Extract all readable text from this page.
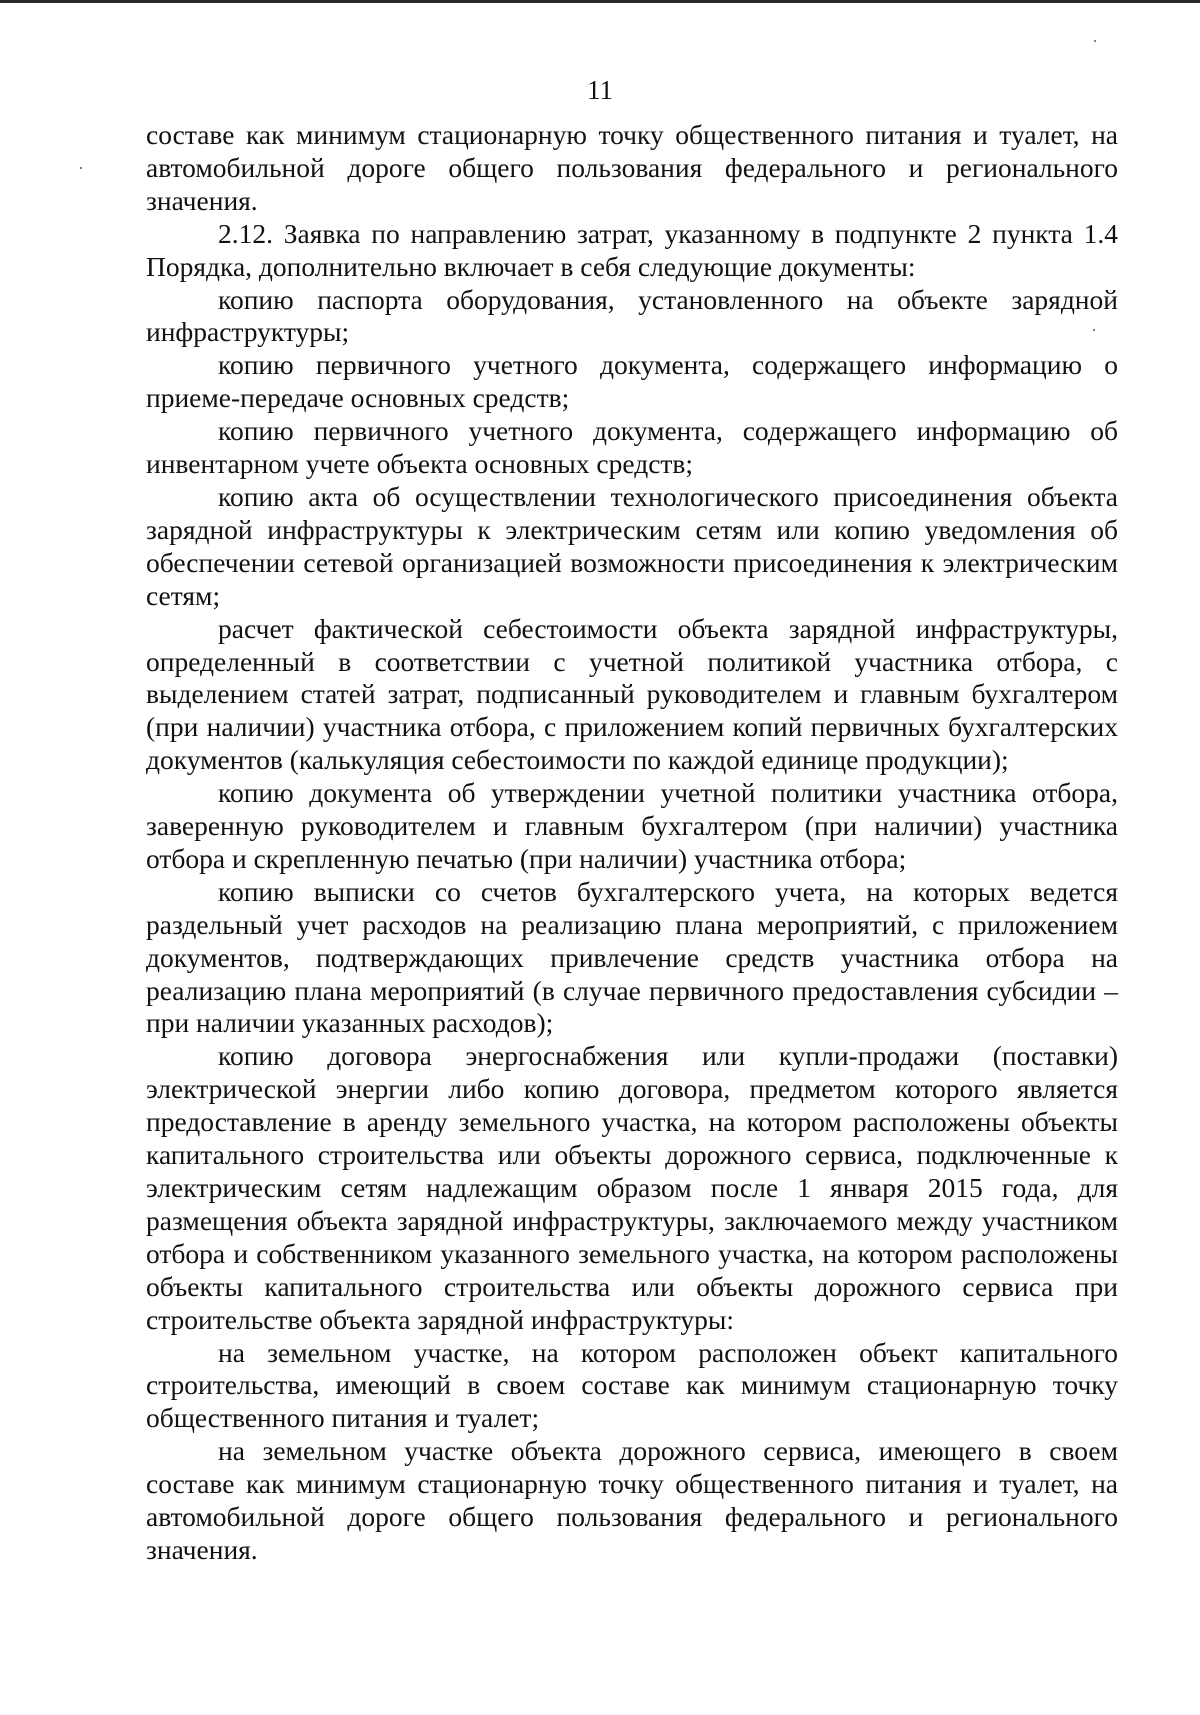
11

составе как минимум стационарную точку общественного питания и туалет, на автомобильной дороге общего пользования федерального и регионального значения.

2.12. Заявка по направлению затрат, указанному в подпункте 2 пункта 1.4 Порядка, дополнительно включает в себя следующие документы:

копию паспорта оборудования, установленного на объекте зарядной инфраструктуры;

копию первичного учетного документа, содержащего информацию о приеме-передаче основных средств;

копию первичного учетного документа, содержащего информацию об инвентарном учете объекта основных средств;

копию акта об осуществлении технологического присоединения объекта зарядной инфраструктуры к электрическим сетям или копию уведомления об обеспечении сетевой организацией возможности присоединения к электрическим сетям;

расчет фактической себестоимости объекта зарядной инфраструктуры, определенный в соответствии с учетной политикой участника отбора, с выделением статей затрат, подписанный руководителем и главным бухгалтером (при наличии) участника отбора, с приложением копий первичных бухгалтерских документов (калькуляция себестоимости по каждой единице продукции);

копию документа об утверждении учетной политики участника отбора, заверенную руководителем и главным бухгалтером (при наличии) участника отбора и скрепленную печатью (при наличии) участника отбора;

копию выписки со счетов бухгалтерского учета, на которых ведется раздельный учет расходов на реализацию плана мероприятий, с приложением документов, подтверждающих привлечение средств участника отбора на реализацию плана мероприятий (в случае первичного предоставления субсидии – при наличии указанных расходов);

копию договора энергоснабжения или купли-продажи (поставки) электрической энергии либо копию договора, предметом которого является предоставление в аренду земельного участка, на котором расположены объекты капитального строительства или объекты дорожного сервиса, подключенные к электрическим сетям надлежащим образом после 1 января 2015 года, для размещения объекта зарядной инфраструктуры, заключаемого между участником отбора и собственником указанного земельного участка, на котором расположены объекты капитального строительства или объекты дорожного сервиса при строительстве объекта зарядной инфраструктуры:

на земельном участке, на котором расположен объект капитального строительства, имеющий в своем составе как минимум стационарную точку общественного питания и туалет;

на земельном участке объекта дорожного сервиса, имеющего в своем составе как минимум стационарную точку общественного питания и туалет, на автомобильной дороге общего пользования федерального и регионального значения.
